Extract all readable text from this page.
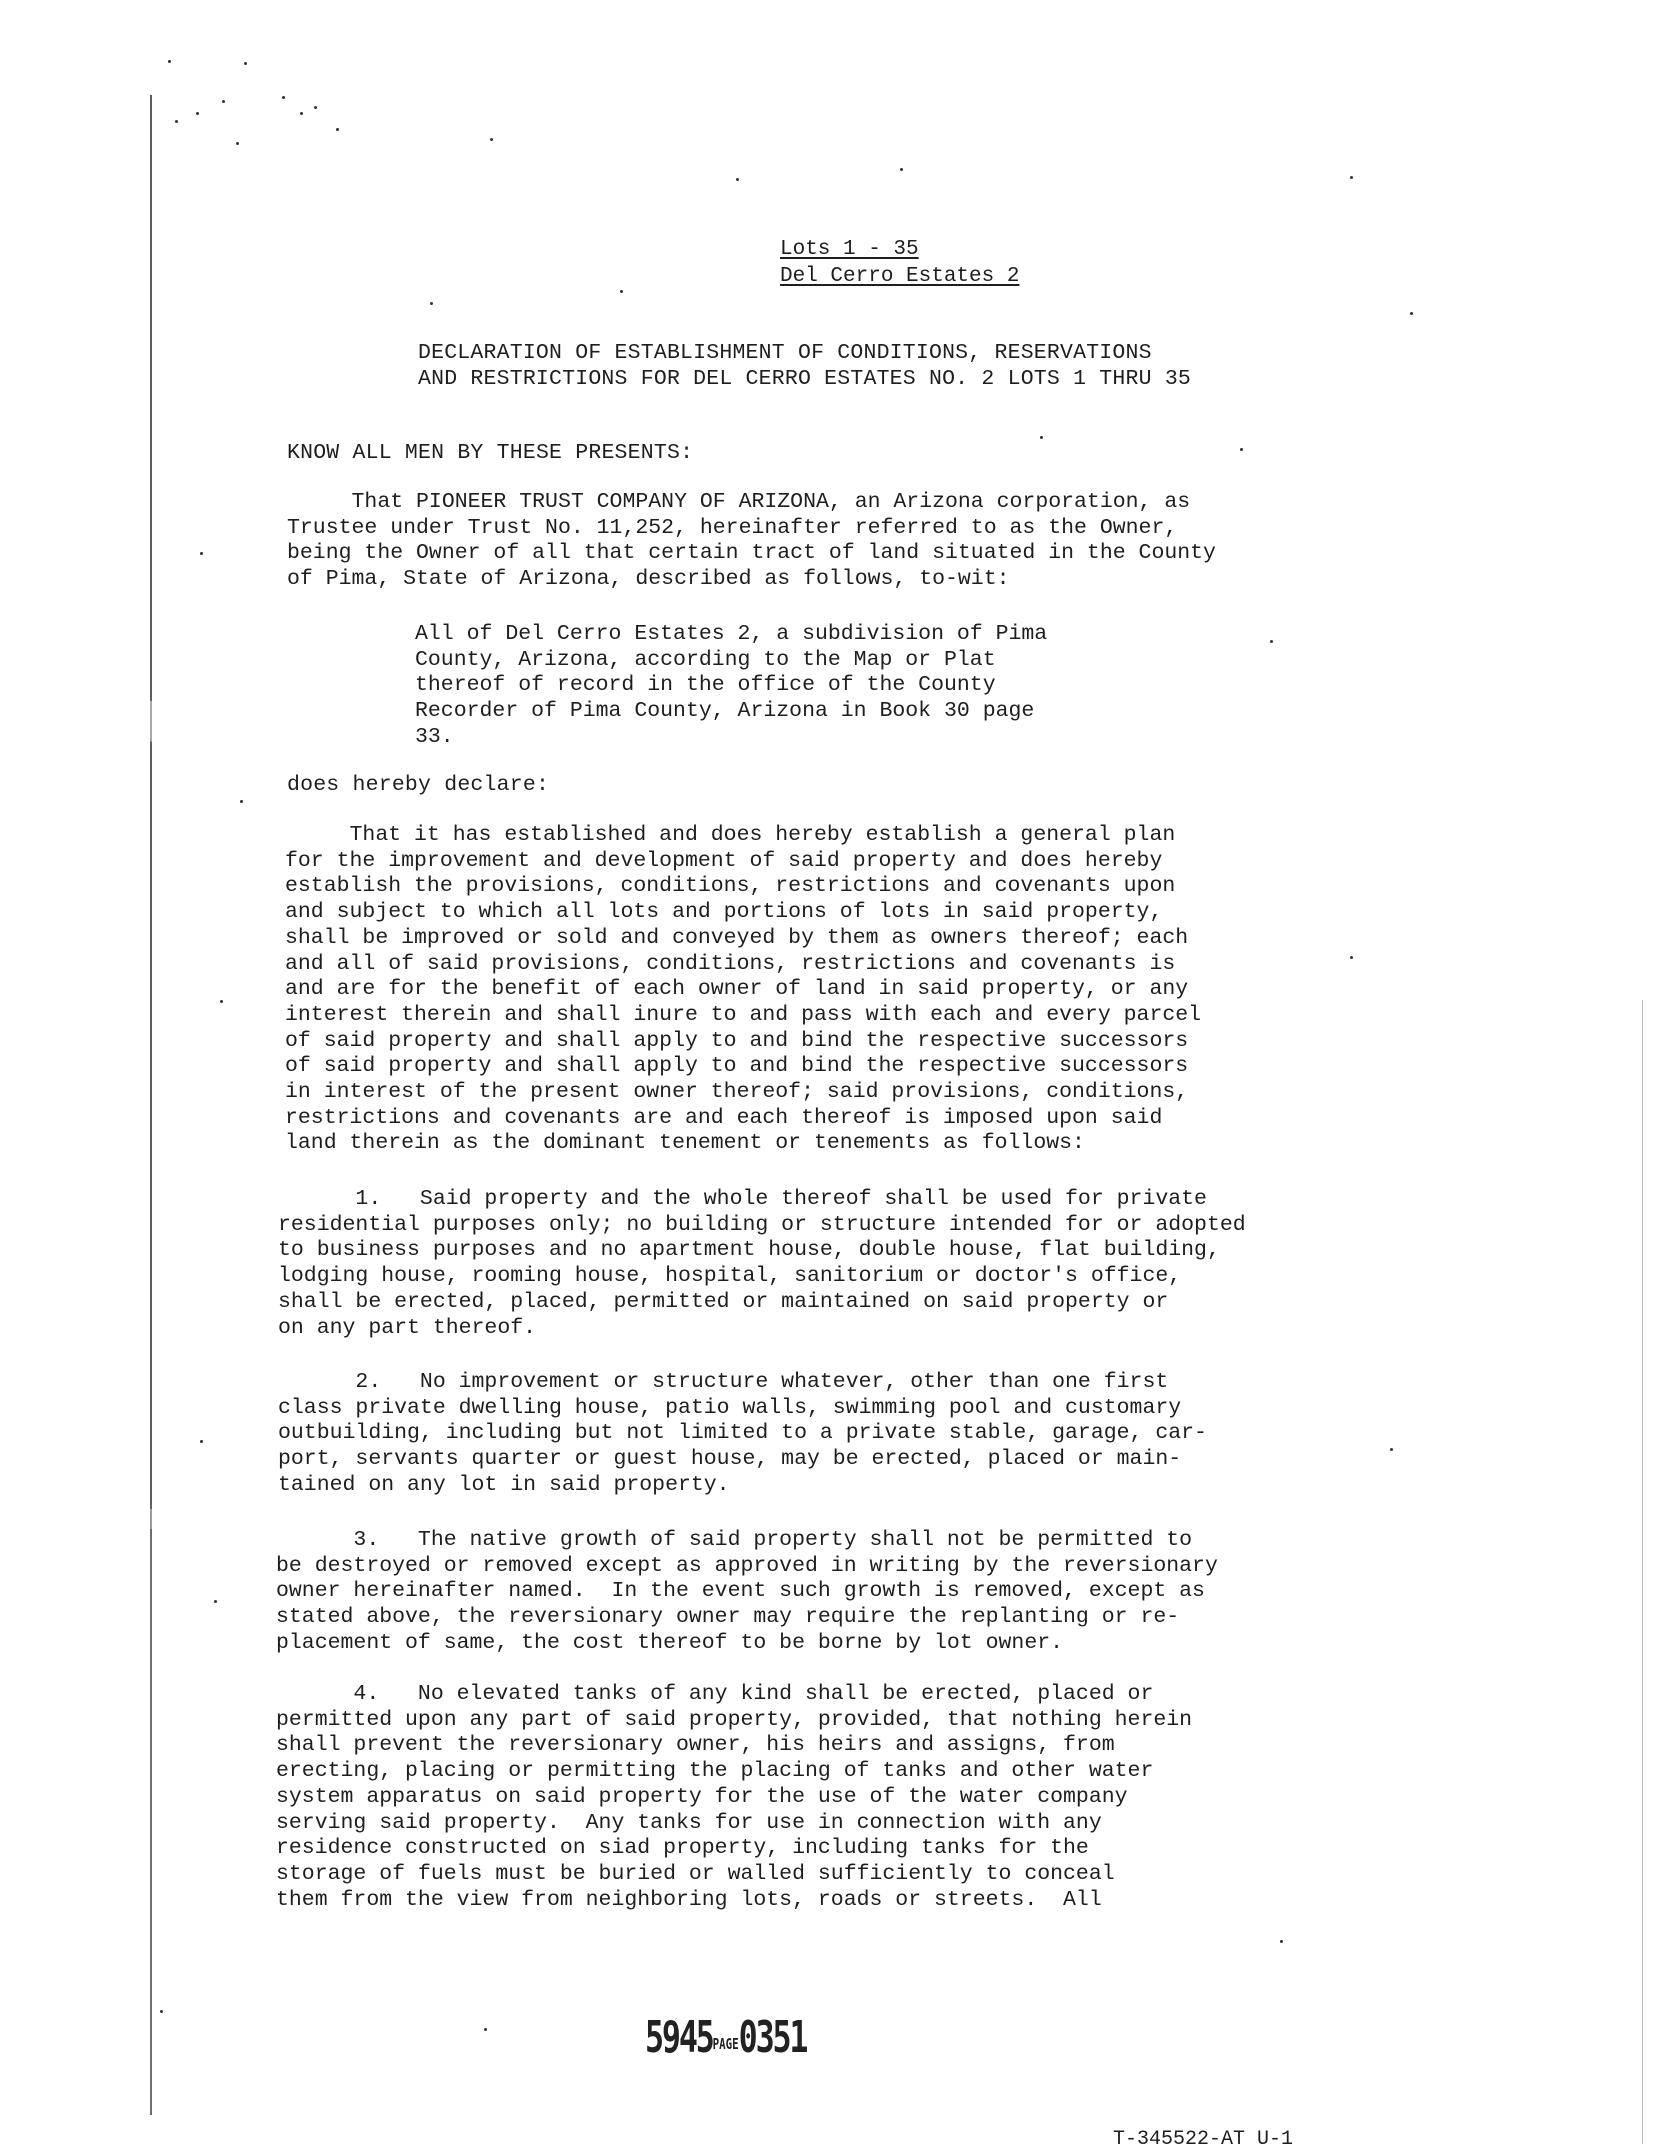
Lots 1 - 35
Del Cerro Estates 2
DECLARATION OF ESTABLISHMENT OF CONDITIONS, RESERVATIONS
AND RESTRICTIONS FOR DEL CERRO ESTATES NO. 2 LOTS 1 THRU 35
KNOW ALL MEN BY THESE PRESENTS:
That PIONEER TRUST COMPANY OF ARIZONA, an Arizona corporation, as
Trustee under Trust No. 11,252, hereinafter referred to as the Owner,
being the Owner of all that certain tract of land situated in the County
of Pima, State of Arizona, described as follows, to-wit:
All of Del Cerro Estates 2, a subdivision of Pima
County, Arizona, according to the Map or Plat
thereof of record in the office of the County
Recorder of Pima County, Arizona in Book 30 page
33.
does hereby declare:
That it has established and does hereby establish a general plan
for the improvement and development of said property and does hereby
establish the provisions, conditions, restrictions and covenants upon
and subject to which all lots and portions of lots in said property,
shall be improved or sold and conveyed by them as owners thereof; each
and all of said provisions, conditions, restrictions and covenants is
and are for the benefit of each owner of land in said property, or any
interest therein and shall inure to and pass with each and every parcel
of said property and shall apply to and bind the respective successors
of said property and shall apply to and bind the respective successors
in interest of the present owner thereof; said provisions, conditions,
restrictions and covenants are and each thereof is imposed upon said
land therein as the dominant tenement or tenements as follows:
1.   Said property and the whole thereof shall be used for private
residential purposes only; no building or structure intended for or adopted
to business purposes and no apartment house, double house, flat building,
lodging house, rooming house, hospital, sanitorium or doctor's office,
shall be erected, placed, permitted or maintained on said property or
on any part thereof.
2.   No improvement or structure whatever, other than one first
class private dwelling house, patio walls, swimming pool and customary
outbuilding, including but not limited to a private stable, garage, car-
port, servants quarter or guest house, may be erected, placed or main-
tained on any lot in said property.
3.   The native growth of said property shall not be permitted to
be destroyed or removed except as approved in writing by the reversionary
owner hereinafter named.  In the event such growth is removed, except as
stated above, the reversionary owner may require the replanting or re-
placement of same, the cost thereof to be borne by lot owner.
4.   No elevated tanks of any kind shall be erected, placed or
permitted upon any part of said property, provided, that nothing herein
shall prevent the reversionary owner, his heirs and assigns, from
erecting, placing or permitting the placing of tanks and other water
system apparatus on said property for the use of the water company
serving said property.  Any tanks for use in connection with any
residence constructed on siad property, including tanks for the
storage of fuels must be buried or walled sufficiently to conceal
them from the view from neighboring lots, roads or streets.  All
5945PAGE0351
T-345522-AT U-1
